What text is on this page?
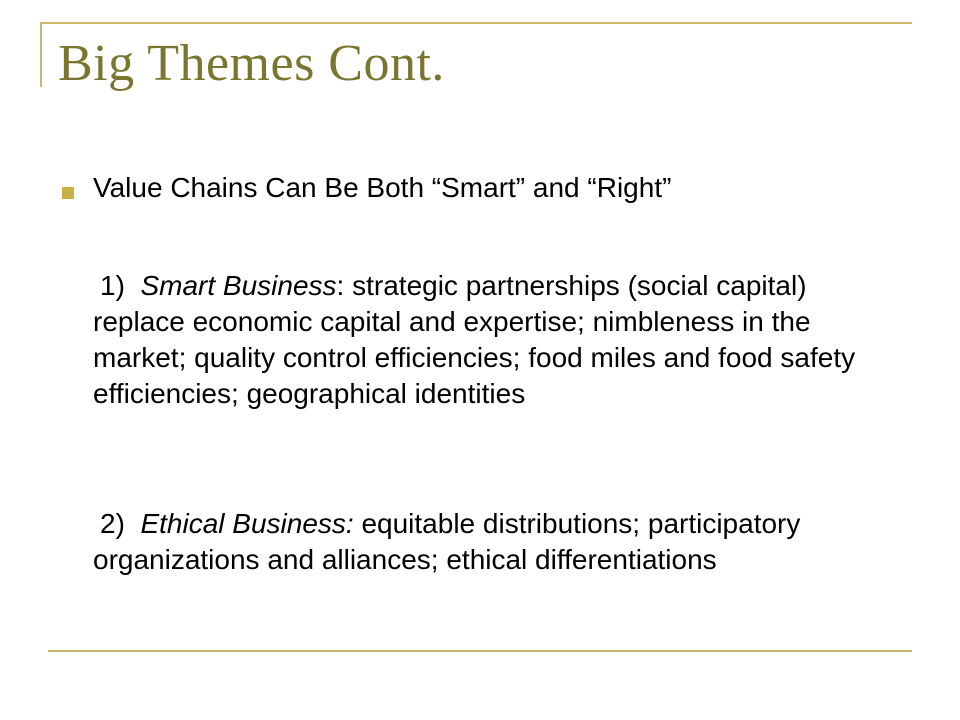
Big Themes Cont.

Value Chains Can Be Both “Smart” and “Right”

1) Smart Business: strategic partnerships (social capital) replace economic capital and expertise; nimbleness in the market; quality control efficiencies; food miles and food safety efficiencies; geographical identities

2) Ethical Business: equitable distributions; participatory organizations and alliances; ethical differentiations
